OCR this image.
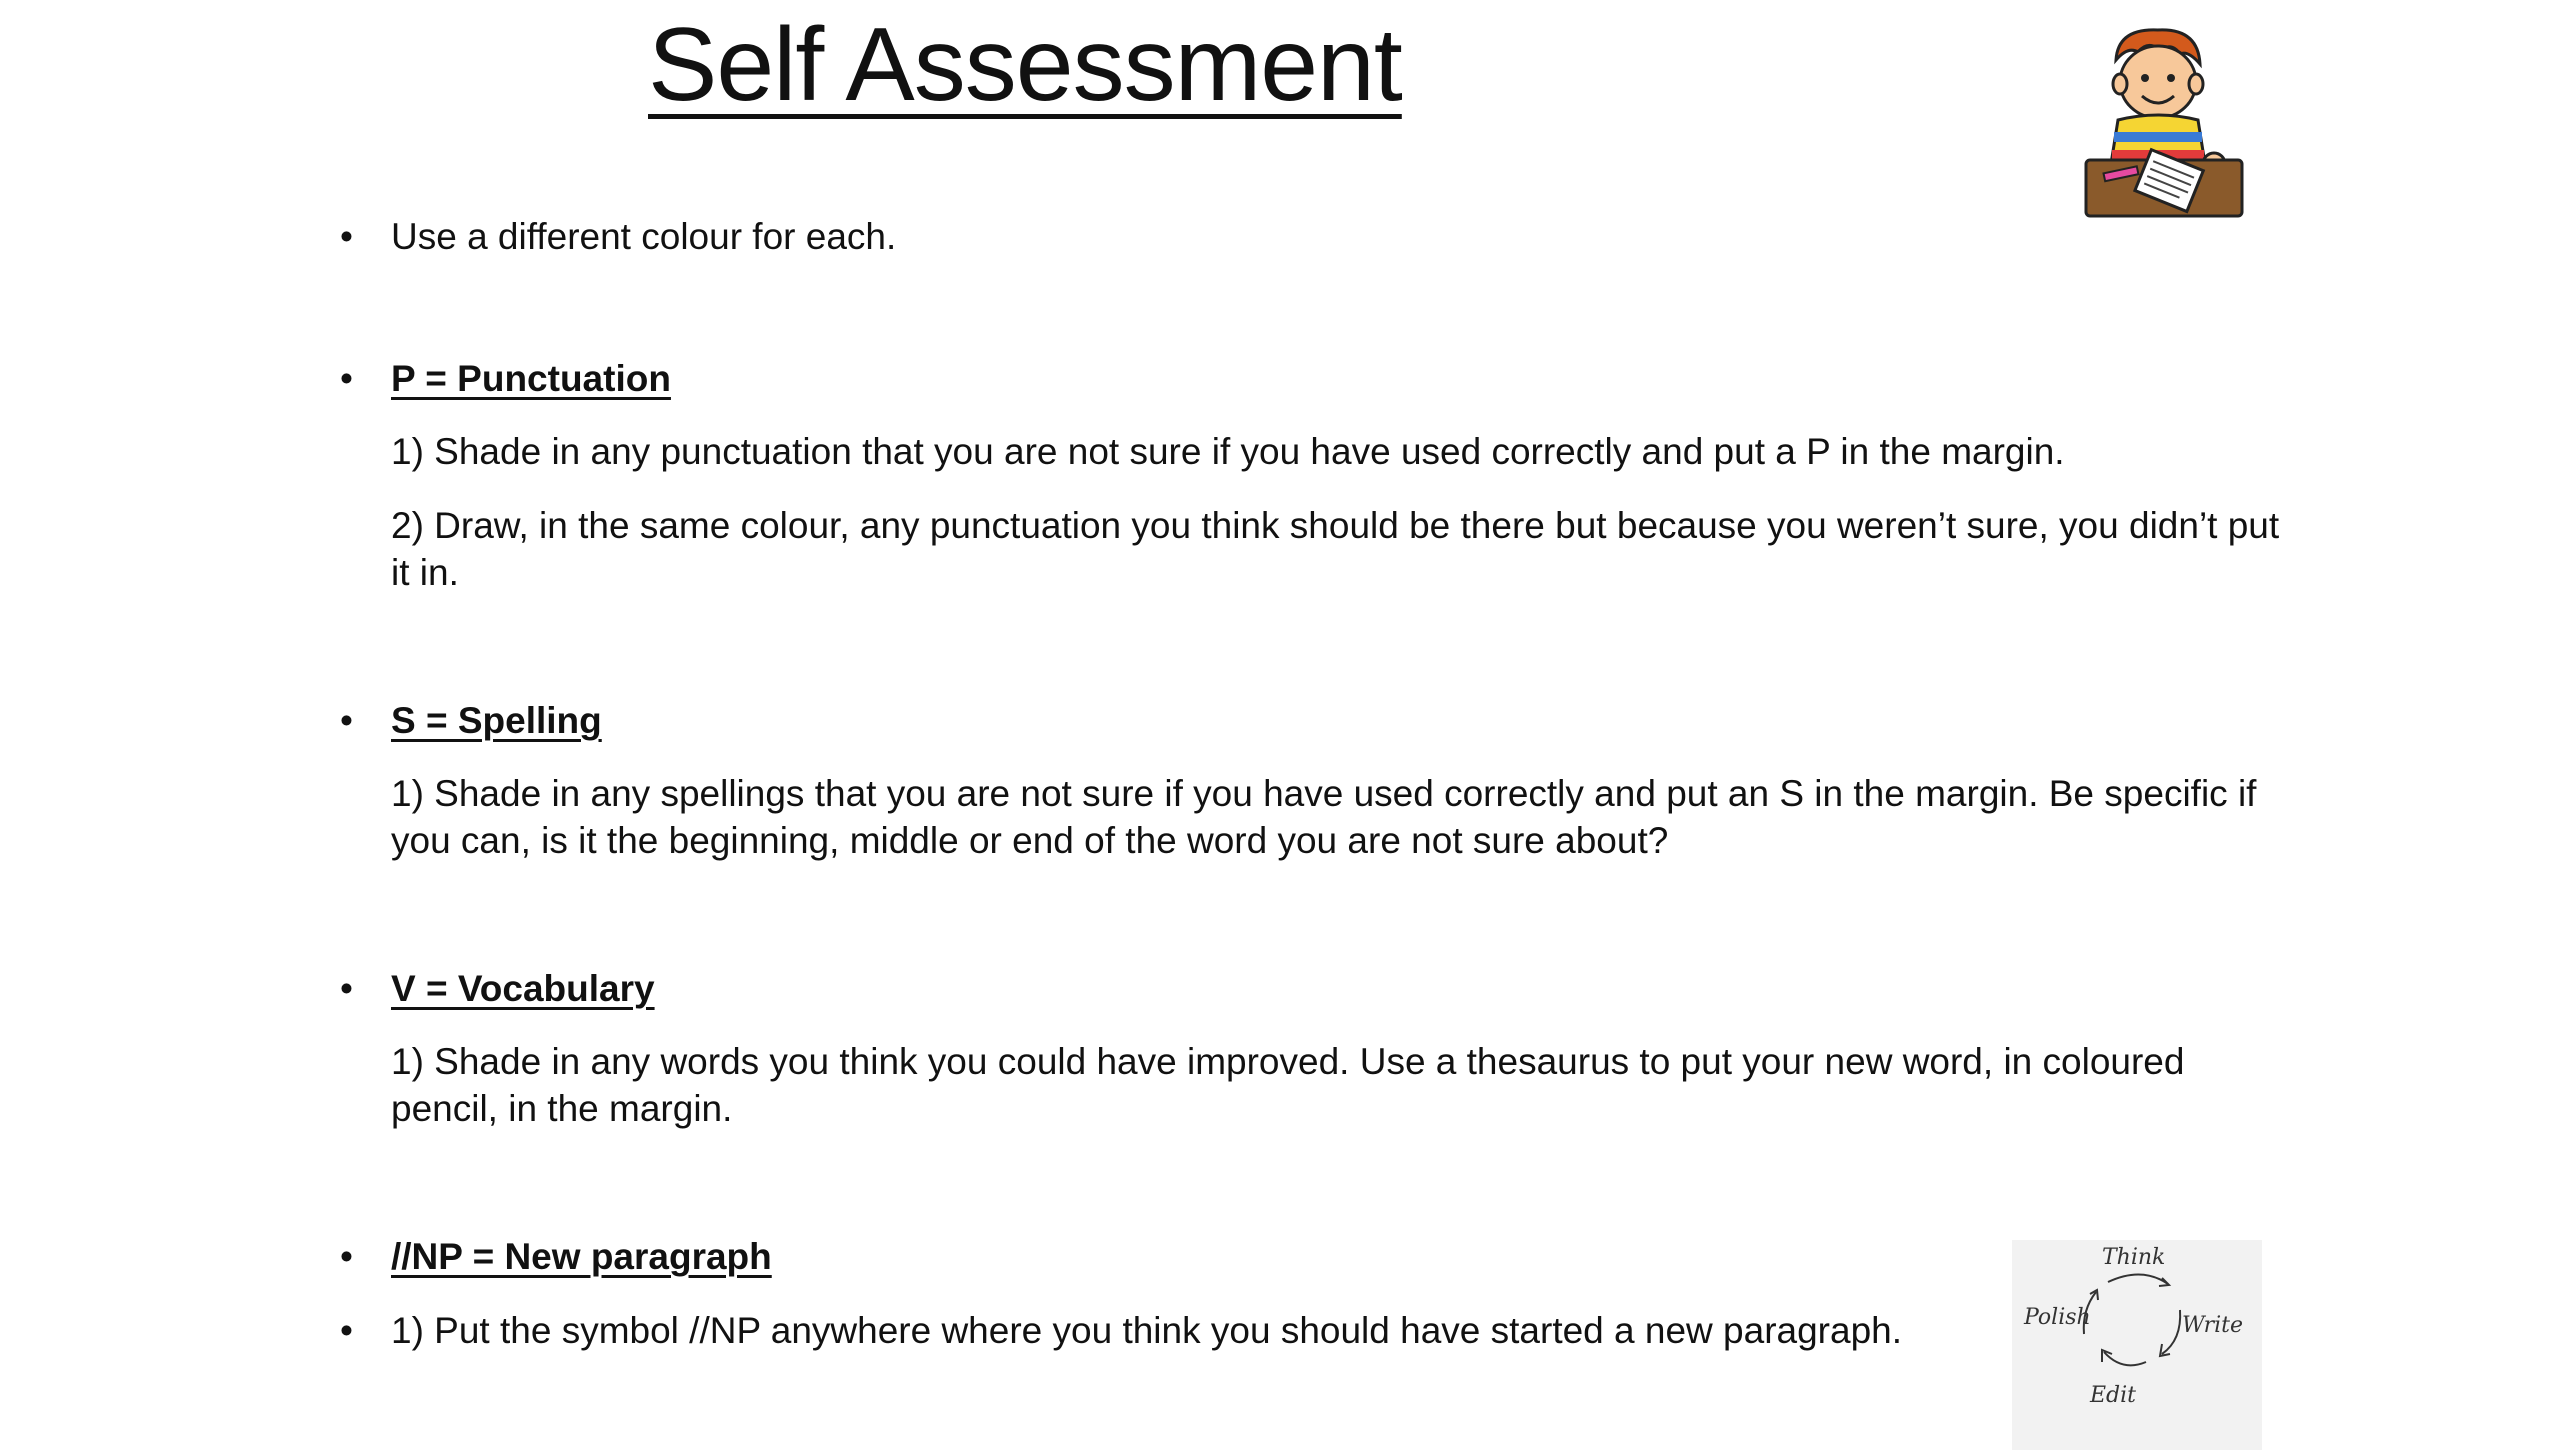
Self Assessment
•	Use a different colour for each.
•	P = Punctuation
1) Shade in any punctuation that you are not sure if you have used correctly and put a P in the margin.
2) Draw, in the same colour, any punctuation you think should be there but because you weren’t sure, you didn’t put it in.
•	S = Spelling
1) Shade in any spellings that you are not sure if you have used correctly and put an S in the margin. Be specific if you can, is it the beginning, middle or end of the word you are not sure about?
•	V = Vocabulary
1) Shade in any words you think you could have improved. Use a thesaurus to put your new word, in coloured pencil, in the margin.
•	//NP = New paragraph
•	1) Put the symbol //NP anywhere where you think you should have started a new paragraph.
Think
Write
Edit
Polish
